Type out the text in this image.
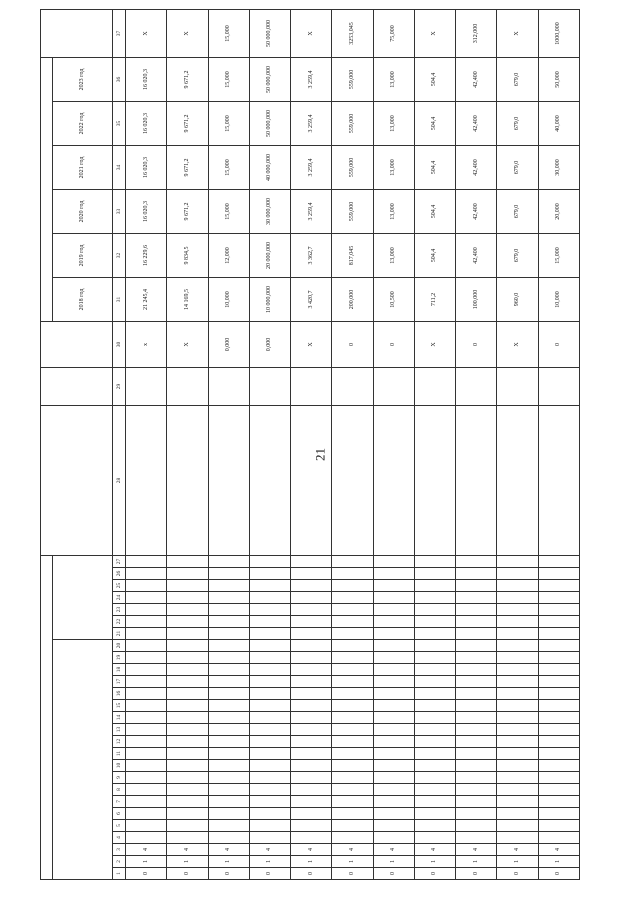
21

																														2018 год	2019 год	2020 год	2021 год	2022 год	2023 год	
1	2	3	4	5	6	7	8	9	10	11	12	13	14	15	16	17	18	19	20	21	22	23	24	25	26	27	28	29	30	31	32	33	34	35	36	37
0	1	4																											x	21 245,4	16 229,6	16 020,3	16 020,3	16 020,3	16 020,3	X
0	1	4																											X	14 169,5	9 834,5	9 671,2	9 671,2	9 671,2	9 671,2	X
0	1	4																											0,000	10,000	12,000	15,000	15,000	15,000	15,000	15,000
0	1	4																											0,000	10 000,000	20 000,000	30 000,000	40 000,000	50 000,000	50 000,000	50 000,000
0	1	4																											X	3 420,7	3 362,7	3 259,4	3 259,4	3 259,4	3 259,4	X
0	1	4																											0	200,000	817,045	559,000	559,000	559,000	559,000	3253,045
0	1	4																											0	10,500	13,000	13,000	13,000	13,000	13,000	75,000
0	1	4																											X	711,2	504,4	504,4	504,4	504,4	504,4	X
0	1	4																											0	100,000	42,400	42,400	42,400	42,400	42,400	312,000
0	1	4																											X	960,0	679,0	679,0	679,0	679,0	679,0	X
0	1	4																											0	10,000	15,000	20,000	30,000	40,000	50,000	1000,000
